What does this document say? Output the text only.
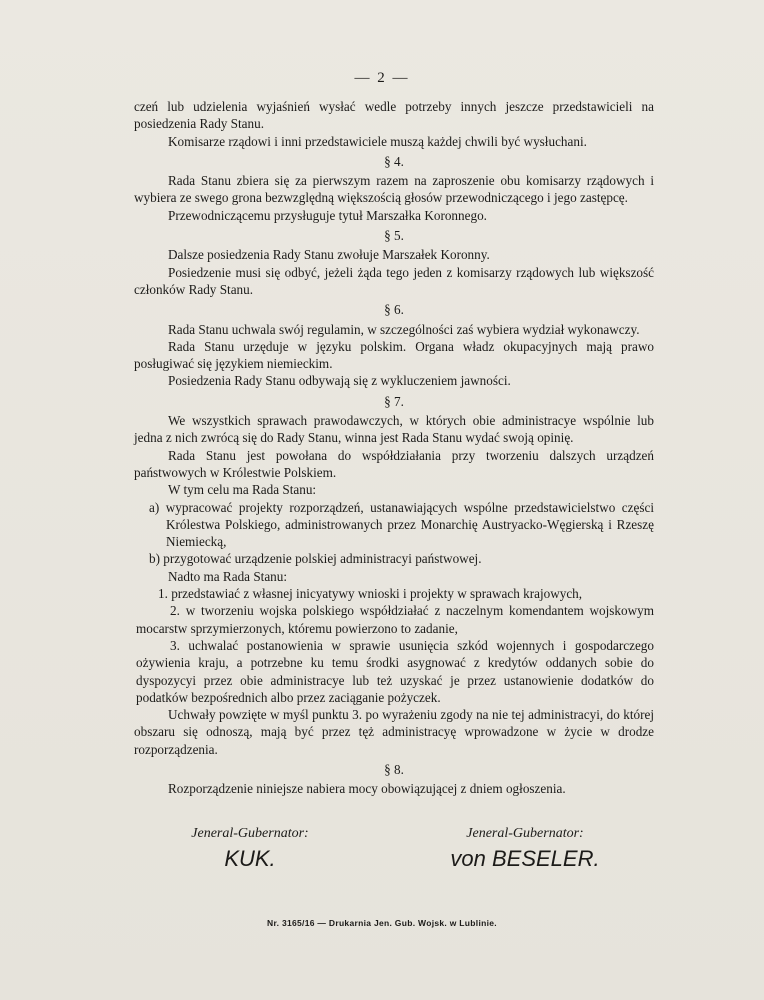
— 2 —

czeń lub udzielenia wyjaśnień wysłać wedle potrzeby innych jeszcze przedstawicieli na posiedzenia Rady Stanu.

Komisarze rządowi i inni przedstawiciele muszą każdej chwili być wysłuchani.

§ 4.

Rada Stanu zbiera się za pierwszym razem na zaproszenie obu komisarzy rządowych i wybiera ze swego grona bezwzględną większością głosów przewodniczącego i jego zastępcę.

Przewodniczącemu przysługuje tytuł Marszałka Koronnego.

§ 5.

Dalsze posiedzenia Rady Stanu zwołuje Marszałek Koronny.

Posiedzenie musi się odbyć, jeżeli żąda tego jeden z komisarzy rządowych lub większość członków Rady Stanu.

§ 6.

Rada Stanu uchwala swój regulamin, w szczególności zaś wybiera wydział wykonawczy.

Rada Stanu urzęduje w języku polskim. Organa władz okupacyjnych mają prawo posługiwać się językiem niemieckim.

Posiedzenia Rady Stanu odbywają się z wykluczeniem jawności.

§ 7.

We wszystkich sprawach prawodawczych, w których obie administracye wspólnie lub jedna z nich zwrócą się do Rady Stanu, winna jest Rada Stanu wydać swoją opinię.

Rada Stanu jest powołana do współdziałania przy tworzeniu dalszych urządzeń państwowych w Królestwie Polskiem.

W tym celu ma Rada Stanu:

a) wypracować projekty rozporządzeń, ustanawiających wspólne przedstawicielstwo części Królestwa Polskiego, administrowanych przez Monarchię Austryacko-Węgierską i Rzeszę Niemiecką,

b) przygotować urządzenie polskiej administracyi państwowej.

Nadto ma Rada Stanu:

1. przedstawiać z własnej inicyatywy wnioski i projekty w sprawach krajowych,

2. w tworzeniu wojska polskiego współdziałać z naczelnym komendantem wojskowym mocarstw sprzymierzonych, któremu powierzono to zadanie,

3. uchwalać postanowienia w sprawie usunięcia szkód wojennych i gospodarczego ożywienia kraju, a potrzebne ku temu środki asygnować z kredytów oddanych sobie do dyspozycyi przez obie administracye lub też uzyskać je przez ustanowienie dodatków do podatków bezpośrednich albo przez zaciąganie pożyczek.

Uchwały powzięte w myśl punktu 3. po wyrażeniu zgody na nie tej administracyi, do której obszaru się odnoszą, mają być przez tęż administracyę wprowadzone w życie w drodze rozporządzenia.

§ 8.

Rozporządzenie niniejsze nabiera mocy obowiązującej z dniem ogłoszenia.

Jeneral-Gubernator:
KUK.
Jeneral-Gubernator:
von BESELER.
Nr. 3165/16 — Drukarnia Jen. Gub. Wojsk. w Lublinie.
